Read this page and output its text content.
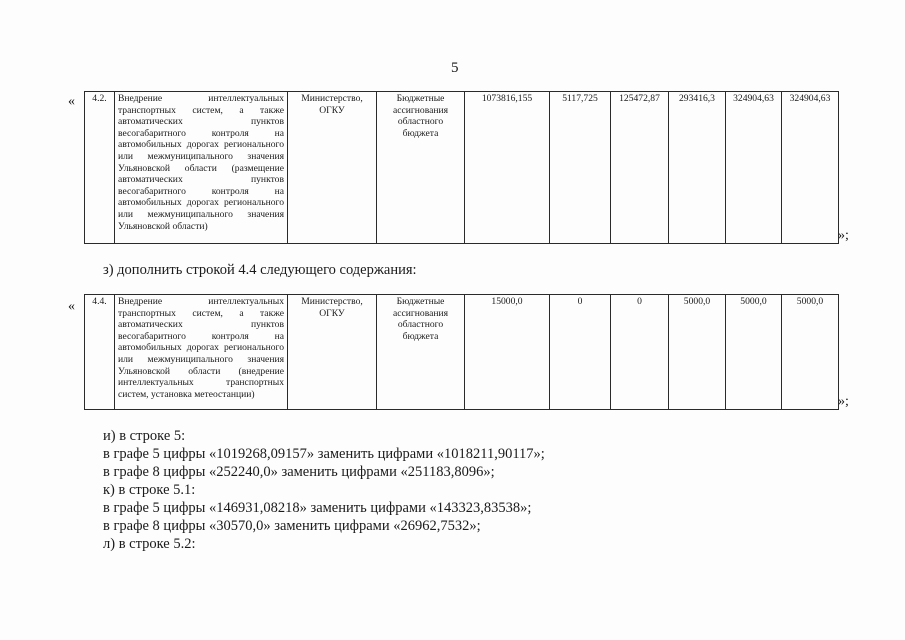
5
« 4.2.	Внедрение интеллектуальных транспортных систем, а также автоматических пунктов весогабаритного контроля на автомобильных дорогах регионального или межмуниципального значения Ульяновской области (размещение автоматических пунктов весогабаритного контроля на автомобильных дорогах регионального или межмуниципального значения Ульяновской области)	Министерство, ОГКУ	Бюджетные ассигнования областного бюджета	1073816,155	5117,725	125472,87	293416,3	324904,63	324904,63
»;
з) дополнить строкой 4.4 следующего содержания:
« 4.4.	Внедрение интеллектуальных транспортных систем, а также автоматических пунктов весогабаритного контроля на автомобильных дорогах регионального или межмуниципального значения Ульяновской области (внедрение интеллектуальных транспортных систем, установка метеостанции)	Министерство, ОГКУ	Бюджетные ассигнования областного бюджета	15000,0	0	0	5000,0	5000,0	5000,0
»;
и) в строке 5:
в графе 5 цифры «1019268,09157» заменить цифрами «1018211,90117»;
в графе 8 цифры «252240,0» заменить цифрами «251183,8096»;
к) в строке 5.1:
в графе 5 цифры «146931,08218» заменить цифрами «143323,83538»;
в графе 8 цифры «30570,0» заменить цифрами «26962,7532»;
л) в строке 5.2:
